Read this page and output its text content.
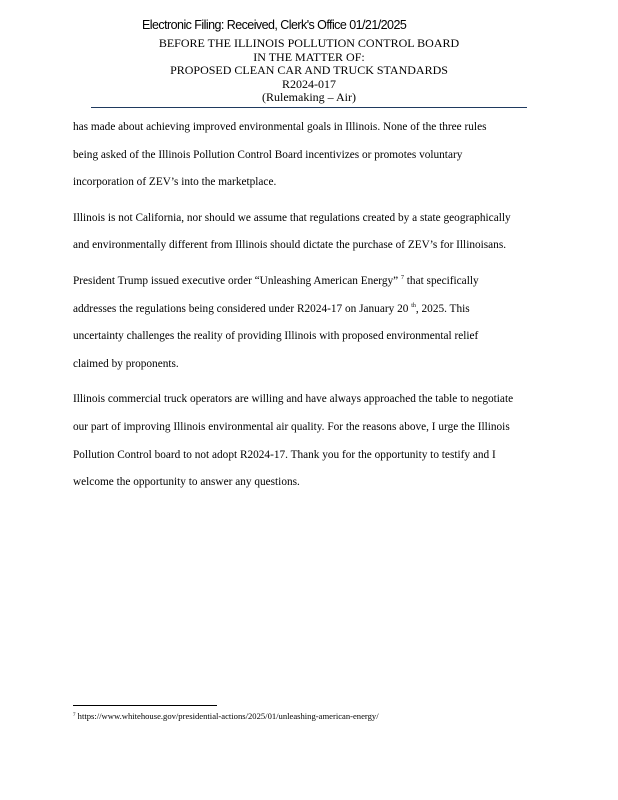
Electronic Filing: Received, Clerk's Office 01/21/2025
BEFORE THE ILLINOIS POLLUTION CONTROL BOARD
IN THE MATTER OF:
PROPOSED CLEAN CAR AND TRUCK STANDARDS
R2024-017
(Rulemaking – Air)

has made about achieving improved environmental goals in Illinois. None of the three rules
being asked of the Illinois Pollution Control Board incentivizes or promotes voluntary
incorporation of ZEV’s into the marketplace.

Illinois is not California, nor should we assume that regulations created by a state geographically
and environmentally different from Illinois should dictate the purchase of ZEV’s for Illinoisans.

President Trump issued executive order “Unleashing American Energy” $^7$ that specifically
addresses the regulations being considered under R2024-17 on January 20 $^{th}$, 2025. This
uncertainty challenges the reality of providing Illinois with proposed environmental relief
claimed by proponents.

Illinois commercial truck operators are willing and have always approached the table to negotiate
our part of improving Illinois environmental air quality. For the reasons above, I urge the Illinois
Pollution Control board to not adopt R2024-17. Thank you for the opportunity to testify and I
welcome the opportunity to answer any questions.

$^7$ https://www.whitehouse.gov/presidential-actions/2025/01/unleashing-american-energy/
